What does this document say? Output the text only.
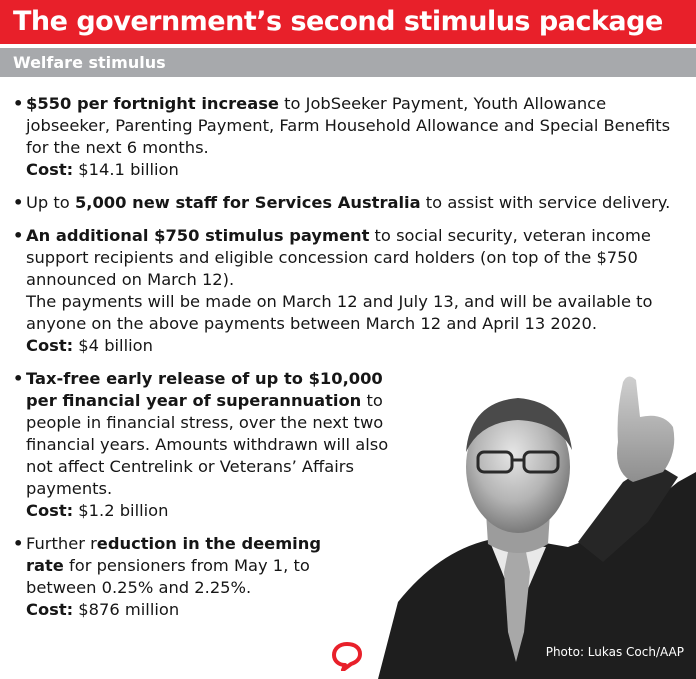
The government’s second stimulus package
Welfare stimulus
• $550 per fortnight increase to JobSeeker Payment, Youth Allowance jobseeker, Parenting Payment, Farm Household Allowance and Special Benefits for the next 6 months.

Cost: $14.1 billion

• Up to 5,000 new staff for Services Australia to assist with service delivery.

• An additional $750 stimulus payment to social security, veteran income support recipients and eligible concession card holders (on top of the $750 announced on March 12).

The payments will be made on March 12 and July 13, and will be available to anyone on the above payments between March 12 and April 13 2020.

Cost: $4 billion

• Tax-free early release of up to $10,000 per financial year of superannuation to people in financial stress, over the next two financial years. Amounts withdrawn will also not affect Centrelink or Veterans’ Affairs payments.

Cost: $1.2 billion

• Further reduction in the deeming rate for pensioners from May 1, to between 0.25% and 2.25%.

Cost: $876 million

Photo: Lukas Coch/AAP
